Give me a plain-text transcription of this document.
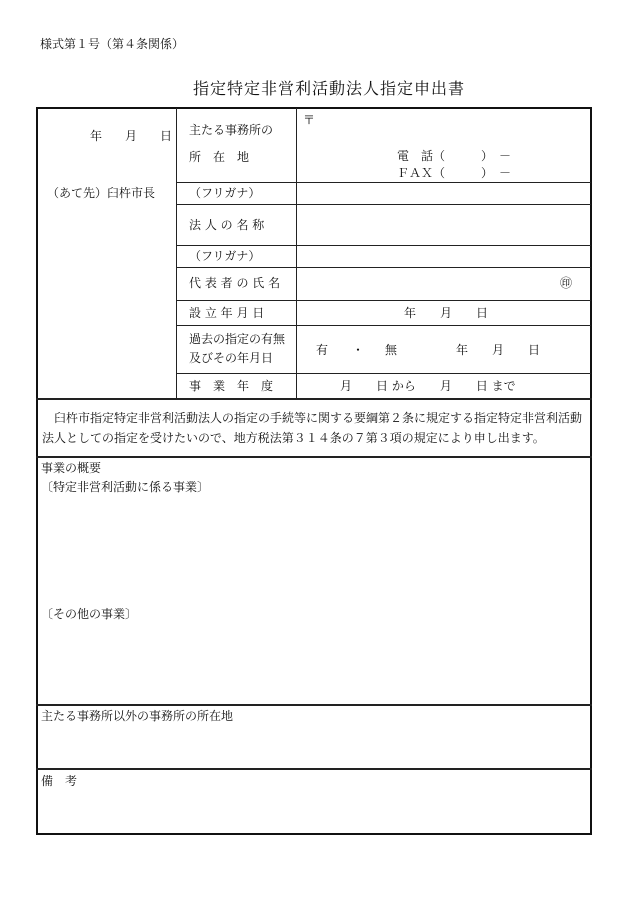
様式第１号（第４条関係）
指定特定非営利活動法人指定申出書
年 月 日
（あて先）臼杵市長
主たる事務所の
所　在　地
（フリガナ）
法 人 の 名 称
（フリガナ）
代 表 者 の 氏 名
設 立 年 月 日
過去の指定の有無
及びその年月日
事　業　年　度
〒
電　話（　　　）　－
ＦＡＸ（　　　）　－
㊞
年　　月　　日
有 ・ 無	年　　月　　日
月　　日 から　　月　　日 まで
　臼杵市指定特定非営利活動法人の指定の手続等に関する要綱第２条に規定する指定特定非営利活動法人としての指定を受けたいので、地方税法第３１４条の７第３項の規定により申し出ます。
事業の概要
〔特定非営利活動に係る事業〕
〔その他の事業〕
主たる事務所以外の事務所の所在地
備　考
